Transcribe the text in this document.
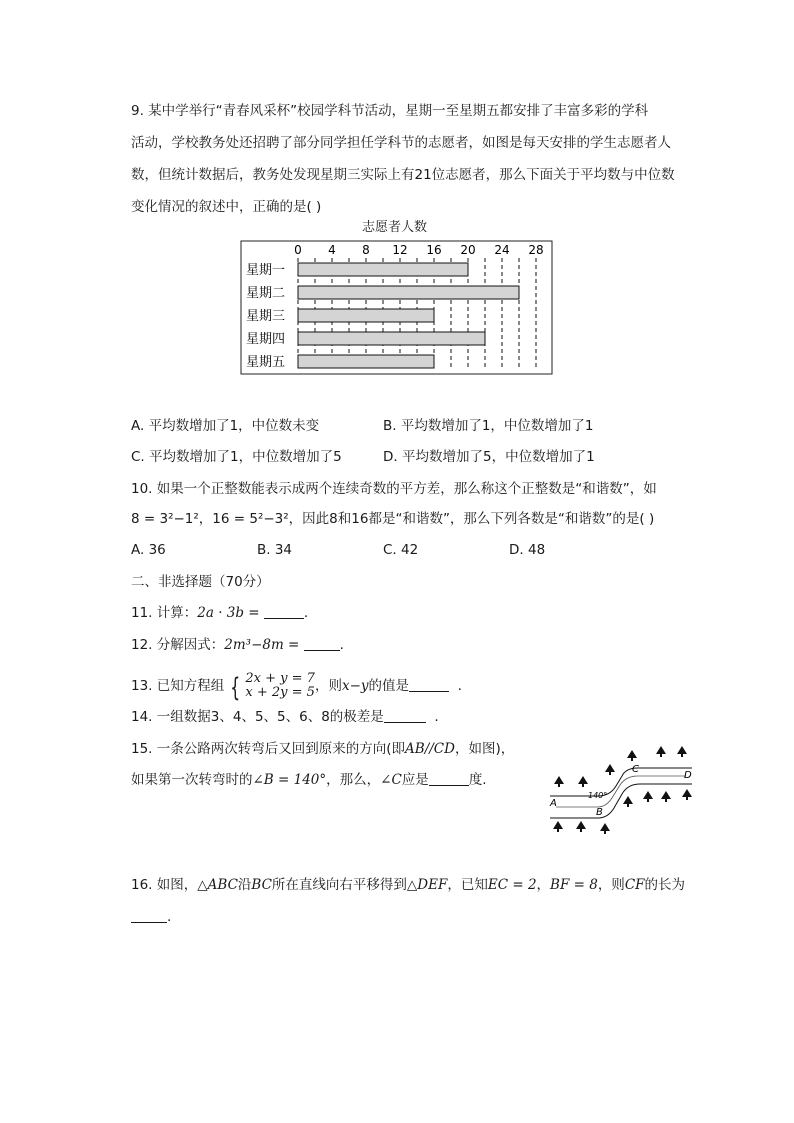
9. 某中学举行“青春风采杯”校园学科节活动，星期一至星期五都安排了丰富多彩的学科
活动，学校教务处还招聘了部分同学担任学科节的志愿者，如图是每天安排的学生志愿者人
数，但统计数据后，教务处发现星期三实际上有21位志愿者，那么下面关于平均数与中位数
变化情况的叙述中，正确的是( )
志愿者人数
0 4 8 12 16 20 24 28
星期一
星期二
星期三
星期四
星期五
A. 平均数增加了1，中位数未变	B. 平均数增加了1，中位数增加了1
C. 平均数增加了1，中位数增加了5	D. 平均数增加了5，中位数增加了1
10. 如果一个正整数能表示成两个连续奇数的平方差，那么称这个正整数是“和谐数”，如
8 = 3²−1²，16 = 5²−3²，因此8和16都是“和谐数”，那么下列各数是“和谐数”的是( )
A. 36	B. 34	C. 42	D. 48
二、非选择题（70分）
11. 计算：2a · 3b =	.
12. 分解因式：2m³−8m =	.
13. 已知方程组 { 2x + y = 7
x + 2y = 5 ，则x−y的值是	.
14. 一组数据3、4、5、5、6、8的极差是	.
15. 一条公路两次转弯后又回到原来的方向(即AB//CD，如图)，
如果第一次转弯时的∠B = 140°，那么，∠C应是	度.
A
B
C
D
140°
16. 如图，△ABC沿BC所在直线向右平移得到△DEF，已知EC = 2，BF = 8，则CF的长为
.
